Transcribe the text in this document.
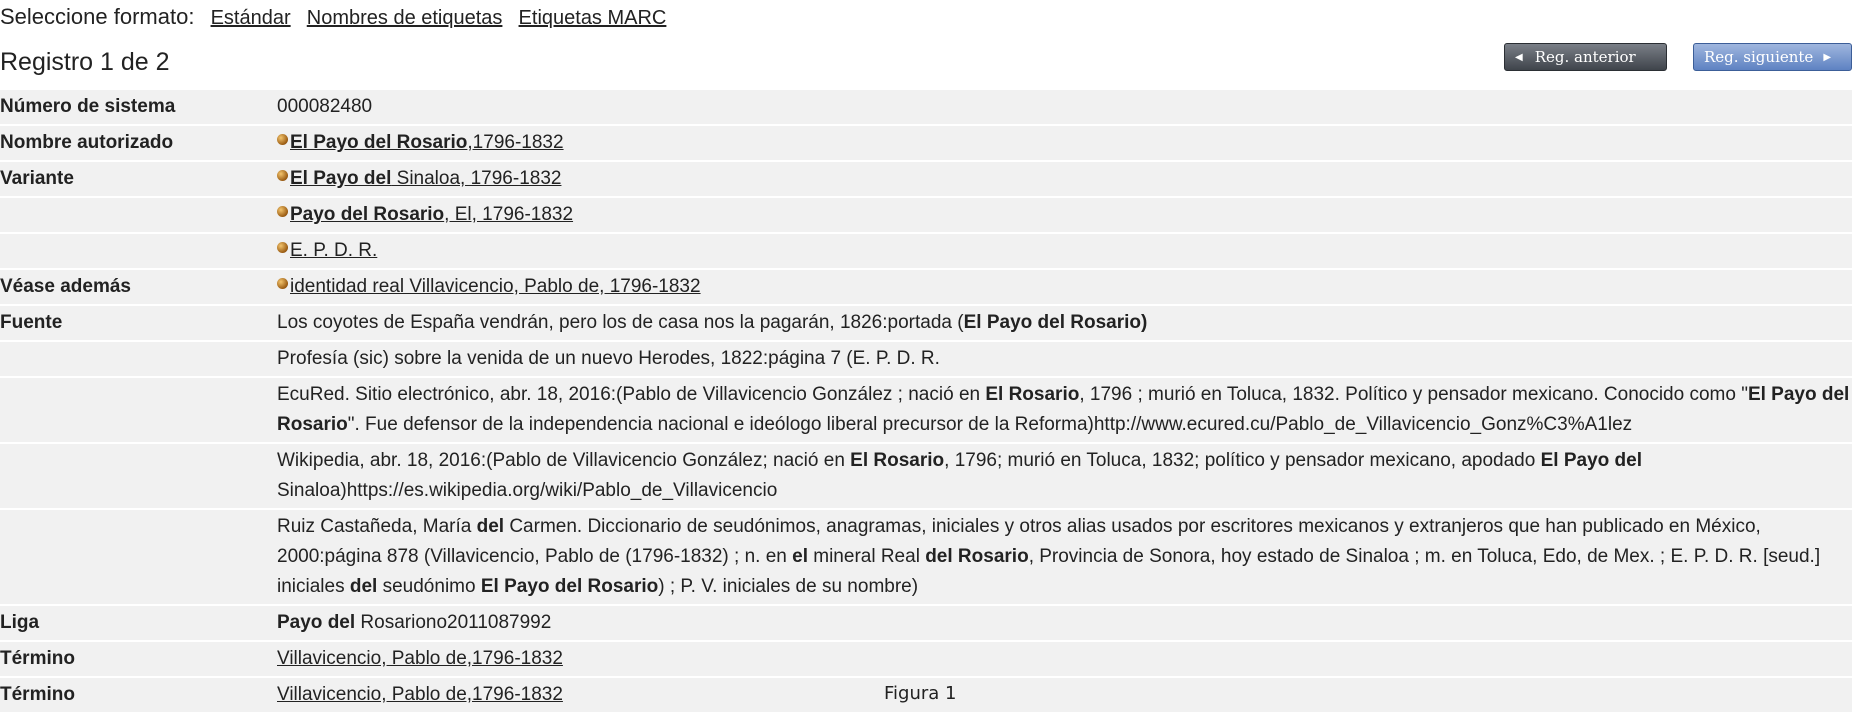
Seleccione formato: Estándar Nombres de etiquetas Etiquetas MARC
Registro 1 de 2	◀ Reg. anterior	Reg. siguiente ▶
Número de sistema	000082480
Nombre autorizado	El Payo del Rosario,1796-1832
Variante	El Payo del Sinaloa, 1796-1832
	Payo del Rosario, El, 1796-1832
	E. P. D. R.
Véase además	identidad real Villavicencio, Pablo de, 1796-1832
Fuente	Los coyotes de España vendrán, pero los de casa nos la pagarán, 1826:portada (El Payo del Rosario)
	Profesía (sic) sobre la venida de un nuevo Herodes, 1822:página 7 (E. P. D. R.
	EcuRed. Sitio electrónico, abr. 18, 2016:(Pablo de Villavicencio González ; nació en El Rosario, 1796 ; murió en Toluca, 1832. Político y pensador mexicano. Conocido como "El Payo del Rosario". Fue defensor de la independencia nacional e ideólogo liberal precursor de la Reforma)http://www.ecured.cu/Pablo_de_Villavicencio_Gonz%C3%A1lez
	Wikipedia, abr. 18, 2016:(Pablo de Villavicencio González; nació en El Rosario, 1796; murió en Toluca, 1832; político y pensador mexicano, apodado El Payo del Sinaloa)https://es.wikipedia.org/wiki/Pablo_de_Villavicencio
	Ruiz Castañeda, María del Carmen. Diccionario de seudónimos, anagramas, iniciales y otros alias usados por escritores mexicanos y extranjeros que han publicado en México, 2000:página 878 (Villavicencio, Pablo de (1796-1832) ; n. en el mineral Real del Rosario, Provincia de Sonora, hoy estado de Sinaloa ; m. en Toluca, Edo, de Mex. ; E. P. D. R. [seud.] iniciales del seudónimo El Payo del Rosario) ; P. V. iniciales de su nombre)
Liga	Payo del Rosariono2011087992
Término	Villavicencio, Pablo de,1796-1832
Término	Villavicencio, Pablo de,1796-1832	Figura 1
